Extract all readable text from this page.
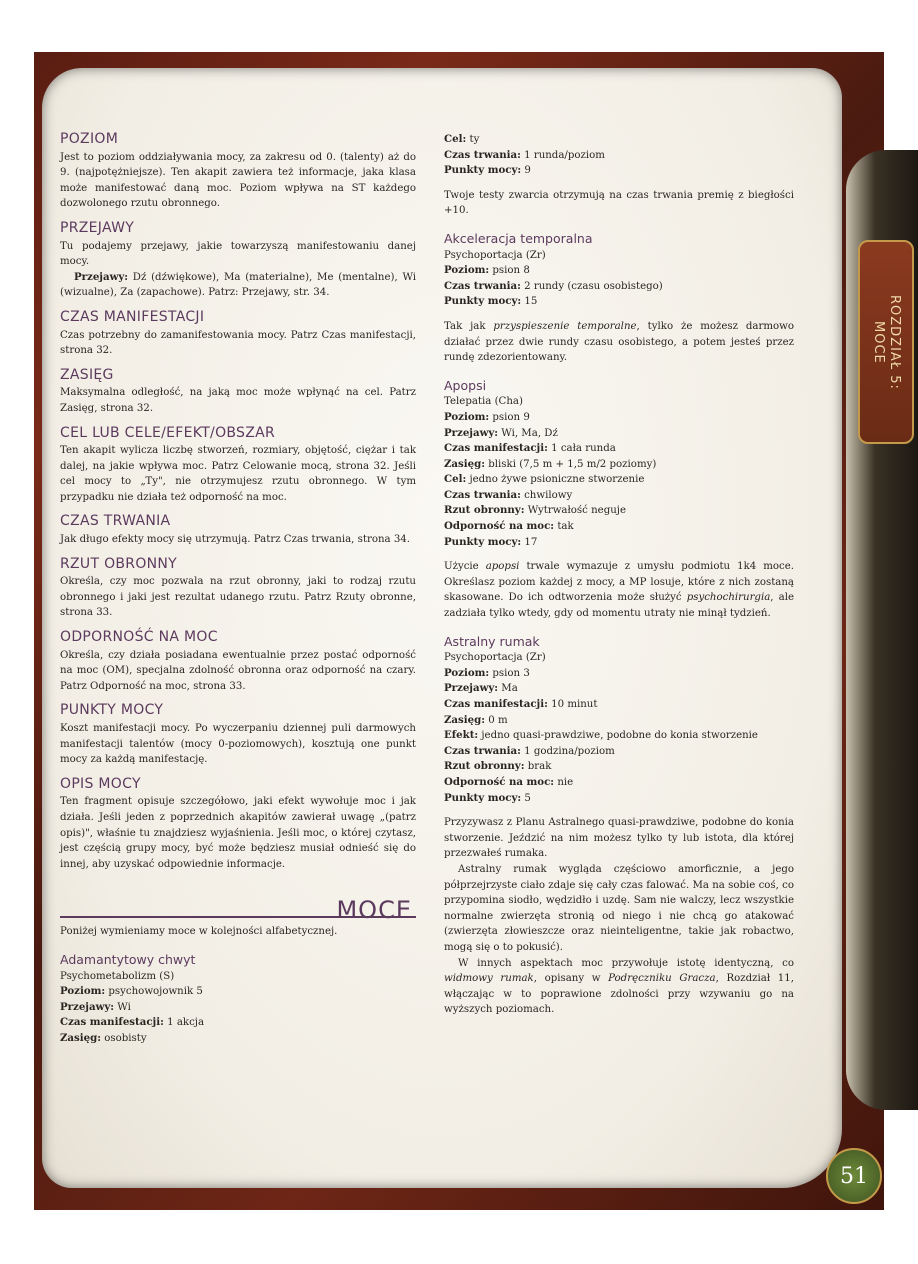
ROZDZIAŁ 5:
MOCE
51
POZIOM

Jest to poziom oddziaływania mocy, za zakresu od 0. (talenty) aż do 9. (najpotężniejsze). Ten akapit zawiera też informacje, jaka klasa może manifestować daną moc. Poziom wpływa na ST każdego dozwolonego rzutu obronnego.

PRZEJAWY

Tu podajemy przejawy, jakie towarzyszą manifestowaniu danej mocy.

Przejawy: Dź (dźwiękowe), Ma (materialne), Me (mentalne), Wi (wizualne), Za (zapachowe). Patrz: Przejawy, str. 34.

CZAS MANIFESTACJI

Czas potrzebny do zamanifestowania mocy. Patrz Czas manifestacji, strona 32.

ZASIĘG

Maksymalna odległość, na jaką moc może wpłynąć na cel. Patrz Zasięg, strona 32.

CEL LUB CELE/EFEKT/OBSZAR

Ten akapit wylicza liczbę stworzeń, rozmiary, objętość, ciężar i tak dalej, na jakie wpływa moc. Patrz Celowanie mocą, strona 32. Jeśli cel mocy to „Ty", nie otrzymujesz rzutu obronnego. W tym przypadku nie działa też odporność na moc.

CZAS TRWANIA

Jak długo efekty mocy się utrzymują. Patrz Czas trwania, strona 34.

RZUT OBRONNY

Określa, czy moc pozwala na rzut obronny, jaki to rodzaj rzutu obronnego i jaki jest rezultat udanego rzutu. Patrz Rzuty obronne, strona 33.

ODPORNOŚĆ NA MOC

Określa, czy działa posiadana ewentualnie przez postać odporność na moc (OM), specjalna zdolność obronna oraz odporność na czary. Patrz Odporność na moc, strona 33.

PUNKTY MOCY

Koszt manifestacji mocy. Po wyczerpaniu dziennej puli darmowych manifestacji talentów (mocy 0-poziomowych), kosztują one punkt mocy za każdą manifestację.

OPIS MOCY

Ten fragment opisuje szczegółowo, jaki efekt wywołuje moc i jak działa. Jeśli jeden z poprzednich akapitów zawierał uwagę „(patrz opis)", właśnie tu znajdziesz wyjaśnienia. Jeśli moc, o której czytasz, jest częścią grupy mocy, być może będziesz musiał odnieść się do innej, aby uzyskać odpowiednie informacje.

MOCE

Poniżej wymieniamy moce w kolejności alfabetycznej.

Adamantytowy chwyt

Psychometabolizm (S)

Poziom: psychowojownik 5

Przejawy: Wi

Czas manifestacji: 1 akcja

Zasięg: osobisty

Cel: ty

Czas trwania: 1 runda/poziom

Punkty mocy: 9

Twoje testy zwarcia otrzymują na czas trwania premię z biegłości +10.

Akceleracja temporalna

Psychoportacja (Zr)

Poziom: psion 8

Czas trwania: 2 rundy (czasu osobistego)

Punkty mocy: 15

Tak jak przyspieszenie temporalne, tylko że możesz darmowo działać przez dwie rundy czasu osobistego, a potem jesteś przez rundę zdezorientowany.

Apopsi

Telepatia (Cha)

Poziom: psion 9

Przejawy: Wi, Ma, Dź

Czas manifestacji: 1 cała runda

Zasięg: bliski (7,5 m + 1,5 m/2 poziomy)

Cel: jedno żywe psioniczne stworzenie

Czas trwania: chwilowy

Rzut obronny: Wytrwałość neguje

Odporność na moc: tak

Punkty mocy: 17

Użycie apopsi trwale wymazuje z umysłu podmiotu 1k4 moce. Określasz poziom każdej z mocy, a MP losuje, które z nich zostaną skasowane. Do ich odtworzenia może służyć psychochirurgia, ale zadziała tylko wtedy, gdy od momentu utraty nie minął tydzień.

Astralny rumak

Psychoportacja (Zr)

Poziom: psion 3

Przejawy: Ma

Czas manifestacji: 10 minut

Zasięg: 0 m

Efekt: jedno quasi-prawdziwe, podobne do konia stworzenie

Czas trwania: 1 godzina/poziom

Rzut obronny: brak

Odporność na moc: nie

Punkty mocy: 5

Przyzywasz z Planu Astralnego quasi-prawdziwe, podobne do konia stworzenie. Jeździć na nim możesz tylko ty lub istota, dla której przezwałeś rumaka.

Astralny rumak wygląda częściowo amorficznie, a jego półprzejrzyste ciało zdaje się cały czas falować. Ma na sobie coś, co przypomina siodło, wędzidło i uzdę. Sam nie walczy, lecz wszystkie normalne zwierzęta stronią od niego i nie chcą go atakować (zwierzęta złowieszcze oraz nieinteligentne, takie jak robactwo, mogą się o to pokusić).

W innych aspektach moc przywołuje istotę identyczną, co widmowy rumak, opisany w Podręczniku Gracza, Rozdział 11, włączając w to poprawione zdolności przy wzywaniu go na wyższych poziomach.
